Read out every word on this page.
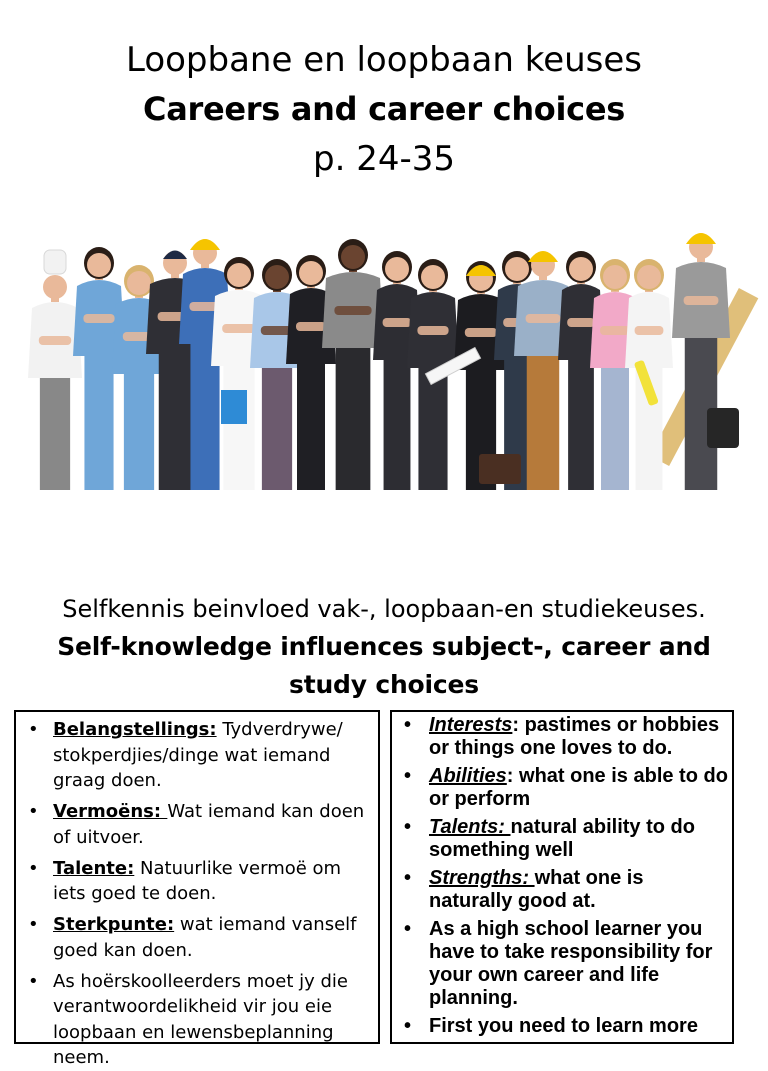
Loopbane en loopbaan keuses
Careers and career choices
p. 24-35
Selfkennis beinvloed vak-, loopbaan-en studiekeuses.
Self-knowledge influences subject-, career and study choices
• Belangstellings: Tydverdrywe/ stokperdjies/dinge wat iemand graag doen.
• Vermoëns: Wat iemand kan doen of uitvoer.
• Talente: Natuurlike vermoë om iets goed te doen.
• Sterkpunte: wat iemand vanself goed kan doen.
• As hoërskoolleerders moet jy die verantwoordelikheid vir jou eie loopbaan en lewensbeplanning neem.
• Interests: pastimes or hobbies or things one loves to do.
• Abilities: what one is able to do or perform
• Talents: natural ability to do something well
• Strengths: what one is naturally good at.
• As a high school learner you have to take responsibility for your own career and life planning.
• First you need to learn more
